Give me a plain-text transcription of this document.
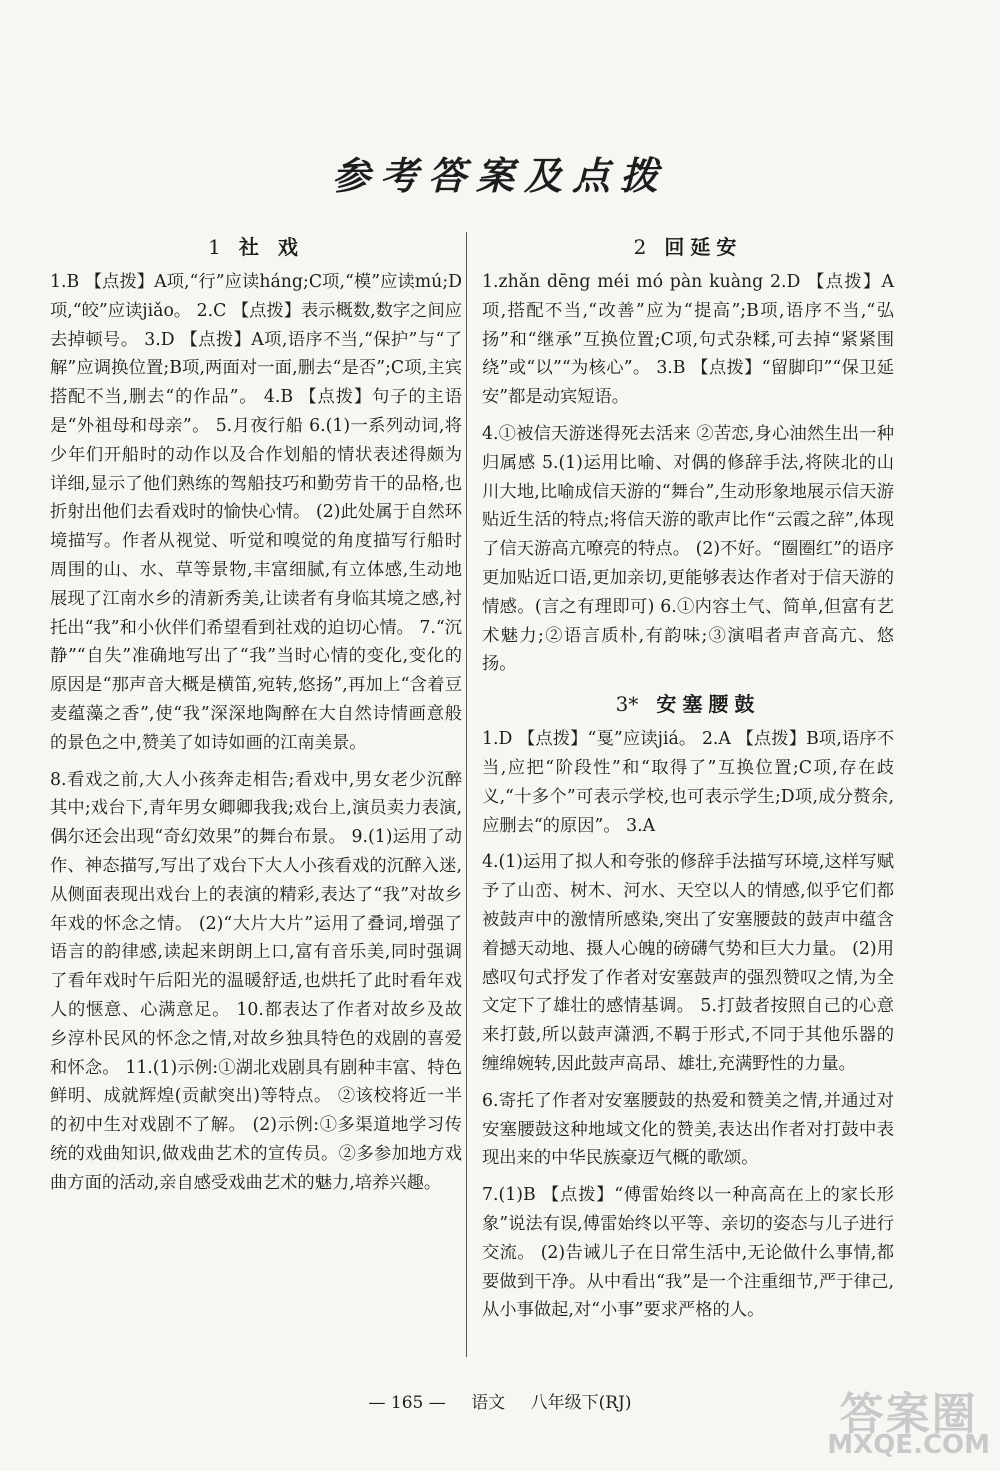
参考答案及点拨
1 社 戏

1.B 【点拨】A项,“行”应读háng;C项,“模”应读mú;D项,“皎”应读jiǎo。 2.C 【点拨】表示概数,数字之间应去掉顿号。 3.D 【点拨】A项,语序不当,“保护”与“了解”应调换位置;B项,两面对一面,删去“是否”;C项,主宾搭配不当,删去“的作品”。 4.B 【点拨】句子的主语是“外祖母和母亲”。 5.月夜行船 6.(1)一系列动词,将少年们开船时的动作以及合作划船的情状表述得颇为详细,显示了他们熟练的驾船技巧和勤劳肯干的品格,也折射出他们去看戏时的愉快心情。 (2)此处属于自然环境描写。作者从视觉、听觉和嗅觉的角度描写行船时周围的山、水、草等景物,丰富细腻,有立体感,生动地展现了江南水乡的清新秀美,让读者有身临其境之感,衬托出“我”和小伙伴们希望看到社戏的迫切心情。 7.“沉静”“自失”准确地写出了“我”当时心情的变化,变化的原因是“那声音大概是横笛,宛转,悠扬”,再加上“含着豆麦蕴藻之香”,使“我”深深地陶醉在大自然诗情画意般的景色之中,赞美了如诗如画的江南美景。

8.看戏之前,大人小孩奔走相告;看戏中,男女老少沉醉其中;戏台下,青年男女卿卿我我;戏台上,演员卖力表演,偶尔还会出现“奇幻效果”的舞台布景。 9.(1)运用了动作、神态描写,写出了戏台下大人小孩看戏的沉醉入迷,从侧面表现出戏台上的表演的精彩,表达了“我”对故乡年戏的怀念之情。 (2)“大片大片”运用了叠词,增强了语言的韵律感,读起来朗朗上口,富有音乐美,同时强调了看年戏时午后阳光的温暖舒适,也烘托了此时看年戏人的惬意、心满意足。 10.都表达了作者对故乡及故乡淳朴民风的怀念之情,对故乡独具特色的戏剧的喜爱和怀念。 11.(1)示例:①湖北戏剧具有剧种丰富、特色鲜明、成就辉煌(贡献突出)等特点。 ②该校将近一半的初中生对戏剧不了解。 (2)示例:①多渠道地学习传统的戏曲知识,做戏曲艺术的宣传员。②多参加地方戏曲方面的活动,亲自感受戏曲艺术的魅力,培养兴趣。

2 回延安

1.zhǎn dēng méi mó pàn kuàng 2.D 【点拨】A项,搭配不当,“改善”应为“提高”;B项,语序不当,“弘扬”和“继承”互换位置;C项,句式杂糅,可去掉“紧紧围绕”或“以”“为核心”。 3.B 【点拨】“留脚印”“保卫延安”都是动宾短语。

4.①被信天游迷得死去活来 ②苦恋,身心油然生出一种归属感 5.(1)运用比喻、对偶的修辞手法,将陕北的山川大地,比喻成信天游的“舞台”,生动形象地展示信天游贴近生活的特点;将信天游的歌声比作“云霞之辞”,体现了信天游高亢嘹亮的特点。 (2)不好。“圈圈红”的语序更加贴近口语,更加亲切,更能够表达作者对于信天游的情感。(言之有理即可) 6.①内容土气、简单,但富有艺术魅力;②语言质朴,有韵味;③演唱者声音高亢、悠扬。

3* 安塞腰鼓

1.D 【点拨】“戛”应读jiá。 2.A 【点拨】B项,语序不当,应把“阶段性”和“取得了”互换位置;C项,存在歧义,“十多个”可表示学校,也可表示学生;D项,成分赘余,应删去“的原因”。 3.A

4.(1)运用了拟人和夸张的修辞手法描写环境,这样写赋予了山峦、树木、河水、天空以人的情感,似乎它们都被鼓声中的激情所感染,突出了安塞腰鼓的鼓声中蕴含着撼天动地、摄人心魄的磅礴气势和巨大力量。 (2)用感叹句式抒发了作者对安塞鼓声的强烈赞叹之情,为全文定下了雄壮的感情基调。 5.打鼓者按照自己的心意来打鼓,所以鼓声潇洒,不羁于形式,不同于其他乐器的缠绵婉转,因此鼓声高昂、雄壮,充满野性的力量。

6.寄托了作者对安塞腰鼓的热爱和赞美之情,并通过对安塞腰鼓这种地域文化的赞美,表达出作者对打鼓中表现出来的中华民族豪迈气概的歌颂。

7.(1)B 【点拨】“傅雷始终以一种高高在上的家长形象”说法有误,傅雷始终以平等、亲切的姿态与儿子进行交流。 (2)告诫儿子在日常生活中,无论做什么事情,都要做到干净。从中看出“我”是一个注重细节,严于律己,从小事做起,对“小事”要求严格的人。

— 165 — 语文 八年级下(RJ)	答案圈
MXQE.COM
